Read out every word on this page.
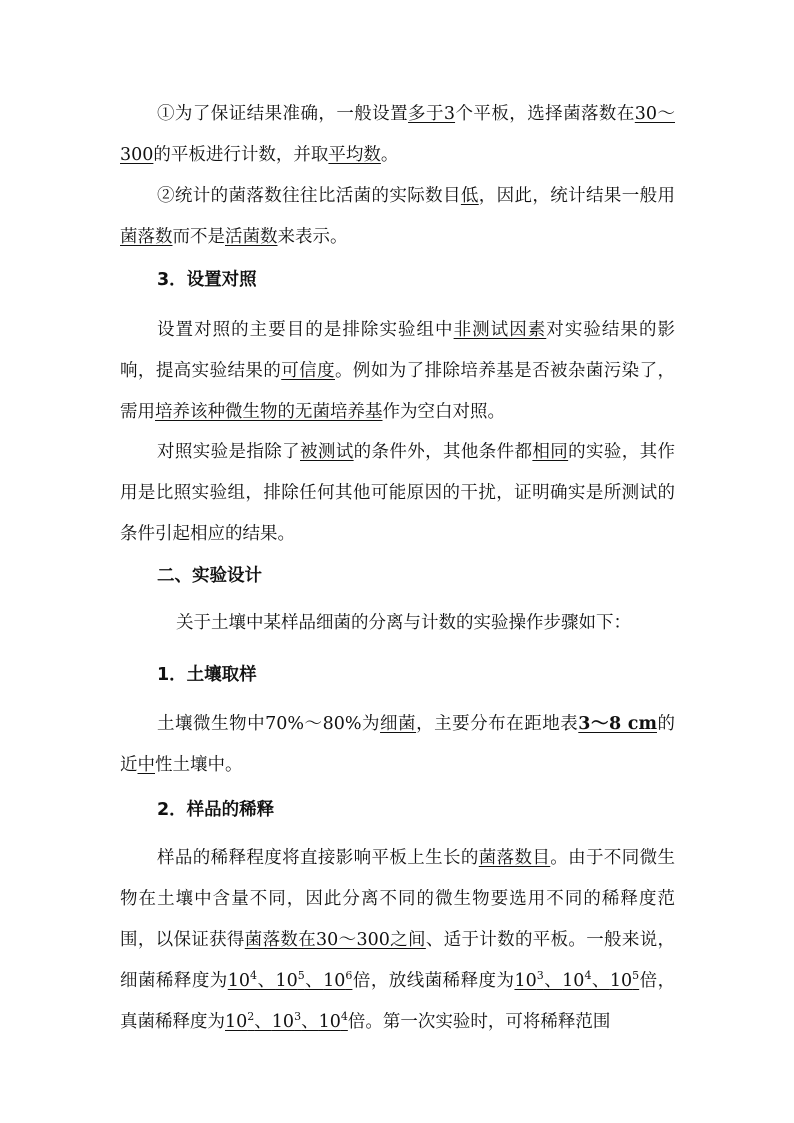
①为了保证结果准确，一般设置多于3个平板，选择菌落数在30～300的平板进行计数，并取平均数。

②统计的菌落数往往比活菌的实际数目低，因此，统计结果一般用菌落数而不是活菌数来表示。

3．设置对照

设置对照的主要目的是排除实验组中非测试因素对实验结果的影响，提高实验结果的可信度。例如为了排除培养基是否被杂菌污染了，需用培养该种微生物的无菌培养基作为空白对照。

对照实验是指除了被测试的条件外，其他条件都相同的实验，其作用是比照实验组，排除任何其他可能原因的干扰，证明确实是所测试的条件引起相应的结果。

二、实验设计

关于土壤中某样品细菌的分离与计数的实验操作步骤如下：

1．土壤取样

土壤微生物中70%～80%为细菌，主要分布在距地表3～8 cm的近中性土壤中。

2．样品的稀释

样品的稀释程度将直接影响平板上生长的菌落数目。由于不同微生物在土壤中含量不同，因此分离不同的微生物要选用不同的稀释度范围，以保证获得菌落数在30～300之间、适于计数的平板。一般来说，细菌稀释度为$10^4$、$10^5$、$10^6$倍，放线菌稀释度为$10^3$、$10^4$、$10^5$倍，真菌稀释度为$10^2$、$10^3$、$10^4$倍。第一次实验时，可将稀释范围
